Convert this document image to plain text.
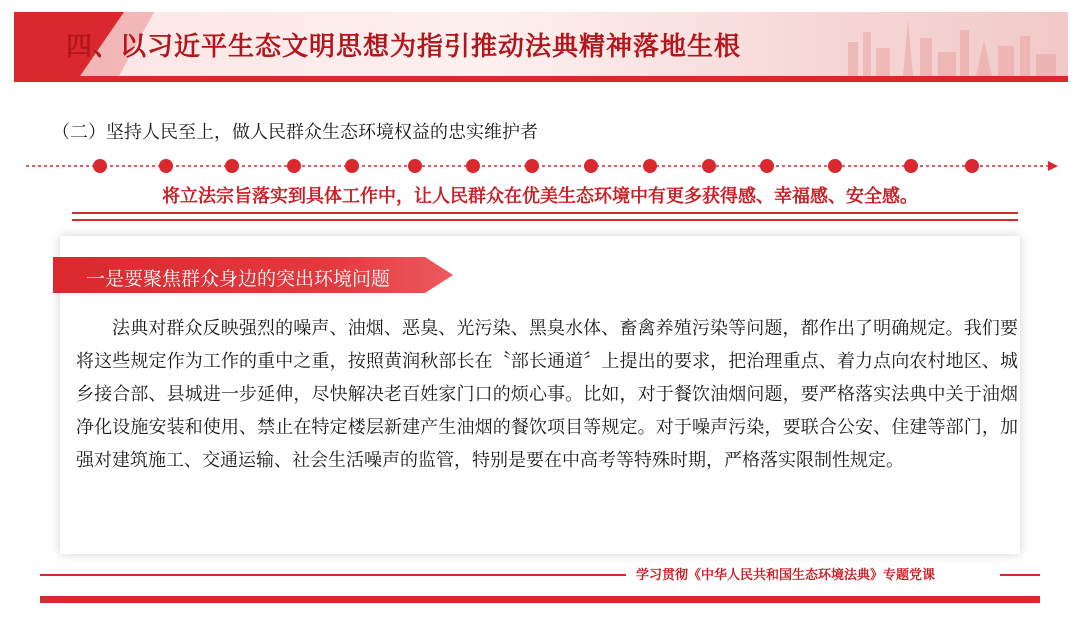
四、以习近平生态文明思想为指引推动法典精神落地生根
（二）坚持人民至上，做人民群众生态环境权益的忠实维护者
将立法宗旨落实到具体工作中，让人民群众在优美生态环境中有更多获得感、幸福感、安全感。
一是要聚焦群众身边的突出环境问题

法典对群众反映强烈的噪声、油烟、恶臭、光污染、黑臭水体、畜禽养殖污染等问题，都作出了明确规定。我们要将这些规定作为工作的重中之重，按照黄润秋部长在〝部长通道〞上提出的要求，把治理重点、着力点向农村地区、城乡接合部、县城进一步延伸，尽快解决老百姓家门口的烦心事。比如，对于餐饮油烟问题，要严格落实法典中关于油烟净化设施安装和使用、禁止在特定楼层新建产生油烟的餐饮项目等规定。对于噪声污染，要联合公安、住建等部门，加强对建筑施工、交通运输、社会生活噪声的监管，特别是要在中高考等特殊时期，严格落实限制性规定。

学习贯彻《中华人民共和国生态环境法典》专题党课
